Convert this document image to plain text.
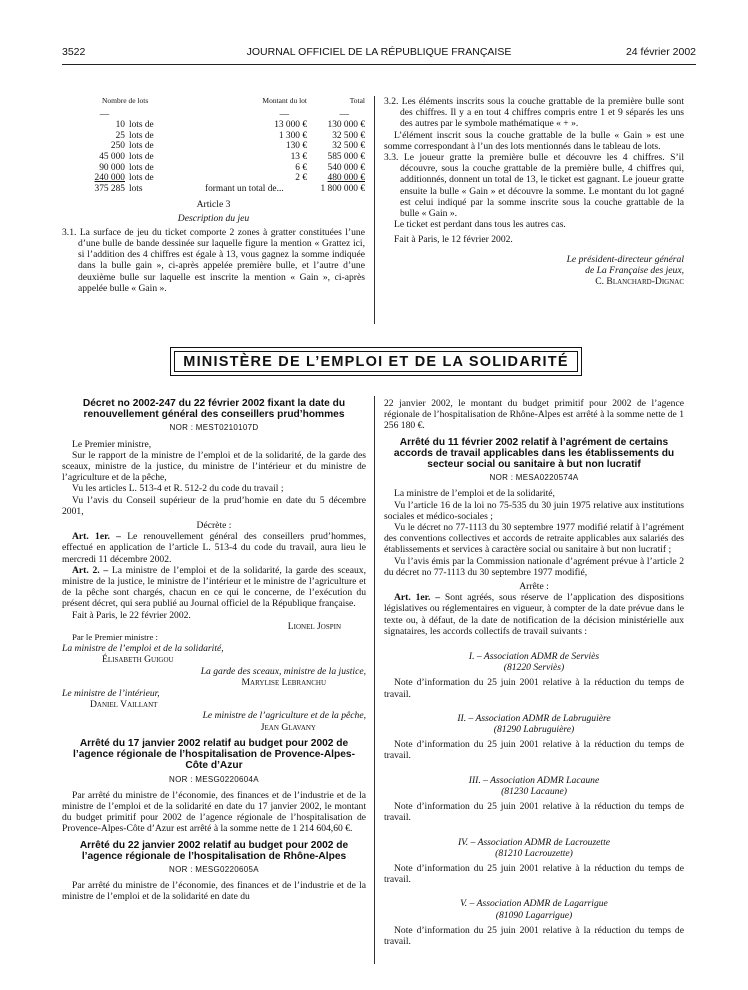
3522	JOURNAL OFFICIEL DE LA RÉPUBLIQUE FRANÇAISE	24 février 2002
Nombre de lots			Montant du lot	Total
—			—	—
10	lots de		13 000 €	130 000 €
25	lots de		1 300 €	32 500 €
250	lots de		130 €	32 500 €
45 000	lots de		13 €	585 000 €
90 000	lots de		6 €	540 000 €
240 000	lots de		2 €	480 000 €
375 285	lots	formant un total de...		1 800 000 €

Article 3

Description du jeu

3.1. La surface de jeu du ticket comporte 2 zones à gratter constituées l’une d’une bulle de bande dessinée sur laquelle figure la mention « Grattez ici, si l’addition des 4 chiffres est égale à 13, vous gagnez la somme indiquée dans la bulle gain », ci-après appelée première bulle, et l’autre d’une deuxième bulle sur laquelle est inscrite la mention « Gain », ci-après appelée bulle « Gain ».

3.2. Les éléments inscrits sous la couche grattable de la première bulle sont des chiffres. Il y a en tout 4 chiffres compris entre 1 et 9 séparés les uns des autres par le symbole mathématique « + ».

L’élément inscrit sous la couche grattable de la bulle « Gain » est une somme correspondant à l’un des lots mentionnés dans le tableau de lots.

3.3. Le joueur gratte la première bulle et découvre les 4 chiffres. S’il découvre, sous la couche grattable de la première bulle, 4 chiffres qui, additionnés, donnent un total de 13, le ticket est gagnant. Le joueur gratte ensuite la bulle « Gain » et découvre la somme. Le montant du lot gagné est celui indiqué par la somme inscrite sous la couche grattable de la bulle « Gain ».

Le ticket est perdant dans tous les autres cas.

Fait à Paris, le 12 février 2002.

Le président-directeur général

de La Française des jeux,

C. Blanchard-Dignac

MINISTÈRE DE L’EMPLOI ET DE LA SOLIDARITÉ

Décret no 2002-247 du 22 février 2002 fixant la date du renouvellement général des conseillers prud’hommes

NOR : MEST0210107D

Le Premier ministre,

Sur le rapport de la ministre de l’emploi et de la solidarité, de la garde des sceaux, ministre de la justice, du ministre de l’intérieur et du ministre de l’agriculture et de la pêche,

Vu les articles L. 513-4 et R. 512-2 du code du travail ;

Vu l’avis du Conseil supérieur de la prud’homie en date du 5 décembre 2001,

Décrète :

Art. 1er. – Le renouvellement général des conseillers prud’hommes, effectué en application de l’article L. 513-4 du code du travail, aura lieu le mercredi 11 décembre 2002.

Art. 2. – La ministre de l’emploi et de la solidarité, la garde des sceaux, ministre de la justice, le ministre de l’intérieur et le ministre de l’agriculture et de la pêche sont chargés, chacun en ce qui le concerne, de l’exécution du présent décret, qui sera publié au Journal officiel de la République française.

Fait à Paris, le 22 février 2002.

Lionel Jospin

Par le Premier ministre :

La ministre de l’emploi et de la solidarité,

Élisabeth Guigou

La garde des sceaux, ministre de la justice,

Marylise Lebranchu

Le ministre de l’intérieur,

Daniel Vaillant

Le ministre de l’agriculture et de la pêche,

Jean Glavany

Arrêté du 17 janvier 2002 relatif au budget pour 2002 de l’agence régionale de l’hospitalisation de Provence-Alpes-Côte d’Azur

NOR : MESG0220604A

Par arrêté du ministre de l’économie, des finances et de l’industrie et de la ministre de l’emploi et de la solidarité en date du 17 janvier 2002, le montant du budget primitif pour 2002 de l’agence régionale de l’hospitalisation de Provence-Alpes-Côte d’Azur est arrêté à la somme nette de 1 214 604,60 €.

Arrêté du 22 janvier 2002 relatif au budget pour 2002 de l’agence régionale de l’hospitalisation de Rhône-Alpes

NOR : MESG0220605A

Par arrêté du ministre de l’économie, des finances et de l’industrie et de la ministre de l’emploi et de la solidarité en date du

22 janvier 2002, le montant du budget primitif pour 2002 de l’agence régionale de l’hospitalisation de Rhône-Alpes est arrêté à la somme nette de 1 256 180 €.

Arrêté du 11 février 2002 relatif à l’agrément de certains accords de travail applicables dans les établissements du secteur social ou sanitaire à but non lucratif

NOR : MESA0220574A

La ministre de l’emploi et de la solidarité,

Vu l’article 16 de la loi no 75-535 du 30 juin 1975 relative aux institutions sociales et médico-sociales ;

Vu le décret no 77-1113 du 30 septembre 1977 modifié relatif à l’agrément des conventions collectives et accords de retraite applicables aux salariés des établissements et services à caractère social ou sanitaire à but non lucratif ;

Vu l’avis émis par la Commission nationale d’agrément prévue à l’article 2 du décret no 77-1113 du 30 septembre 1977 modifié,

Arrête :

Art. 1er. – Sont agréés, sous réserve de l’application des dispositions législatives ou réglementaires en vigueur, à compter de la date prévue dans le texte ou, à défaut, de la date de notification de la décision ministérielle aux signataires, les accords collectifs de travail suivants :

I. – Association ADMR de Serviès

(81220 Serviès)

Note d’information du 25 juin 2001 relative à la réduction du temps de travail.

II. – Association ADMR de Labruguière

(81290 Labruguière)

Note d’information du 25 juin 2001 relative à la réduction du temps de travail.

III. – Association ADMR Lacaune

(81230 Lacaune)

Note d’information du 25 juin 2001 relative à la réduction du temps de travail.

IV. – Association ADMR de Lacrouzette

(81210 Lacrouzette)

Note d’information du 25 juin 2001 relative à la réduction du temps de travail.

V. – Association ADMR de Lagarrigue

(81090 Lagarrigue)

Note d’information du 25 juin 2001 relative à la réduction du temps de travail.
